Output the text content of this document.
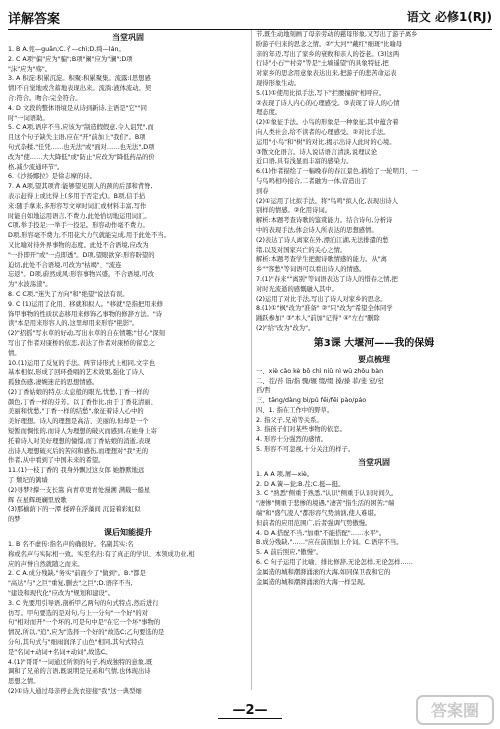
详解答案	语文 必修1(RJ)
当堂巩固
1. B A.莞—guān;C.彳—chì;D.绮—lán。
2. C A项"偏"应为"骗";B项"阑"应为"澜";D项
"沫"应为"殇"。
3. A 积淀:积累沉淀。积聚:积累聚集。流露:(思想感
情)不自觉地或含蓄地表现出来。流淌:液体流动。契
合:符合。吻合:完全符合。
4. D 文段的整体语境是从诗到新诗,主语是"它""同
时"一词语助。
5. C A项,语序不当,应该为"制造假假意,令人诅咒",而
且这个句子缺失主语,应在"开"前加上"我们"。B项
句式杂糅,"任凭……也无法"或"面对……也无法",D项
改为"使……大大降低"或"防止"应改为"降低药品的价
格,减少流通环节"。
6.《沙扬娜拉》是徐志摩的诗。
7. A A项,望其项背:能够望见别人的颈的后部和背脊,
表示赶得上或比得上(多用于否定式)。B项,信手拈
来:随手拿来,多形容写文章时词汇或材料丰富,写作
时能自如地运用语言,不费力,此处恰切地运用词汇。
C项,举手投足:一举手一投足。形容动作毫不费力。
D项,形容毫不费力,不用花大力气就能完成,用于此处不当。
又比喻对待外界事物的态度。此处不合语境,应改为
"一扑即开"或"一点即透"。D项,望眼欲穿:形容盼望的
迫切,此处不合语境,可改为"枯竭"、"流连
忘返"。D项,蔚然成风:形容事物兴盛。不合语境,可改
为"水波荡漾"。
8. C C项,"迷失了方向"和"绝望"说法有误。
9. C (1)运用了化用、移就和拟人。"移就"是指把用来修
饰甲事物的性质状态移用来修饰乙事物的修辞方法。"诗
读"本是用来形容人的,这里却用来形容"艳影"。
(2)"招摇"写水草的好动,写出水草的自在情趣;"甘心"深刻
写出了作者对康桥的依恋,表达了作者对康桥的留恋之
情。
10.(1)运用了反复的手法。两节诗形式上相同,文字也
基本相似,形成了回环叠唱的艺术效果,强化了诗人
孤独伤感,凄婉迷茫的思想情感。
(2)丁香姑娘的特点:太息般的眼光,忧愁,丁香一样的
颜色,丁香一样的芬芳。以丁香作比,由于丁香花清丽、
美丽和忧愁,"丁香一样的结愁",象征着诗人心中的
美好理想。诗人的理想是高洁、美丽的,但却是一个
短暂而惆怅的,而诗人为理想的破灭而感到,在她身上寄
托着诗人对美好理想的憧憬,而丁香姑娘的消逝,表现
出诗人理想破灭后的苦闷和感伤,而理想对"我"无的
作者,从中看到了中国未来的希望。
11.(1)一枝丁香的 我身外飘过这女郎 她静默地远
了 颓圮的篱墙
(2)寻梦?撑一支长篙 向青草更青处漫溯 满载一船星
辉 在星辉斑斓里放歌
(3)那榆荫下的一潭 揉碎在浮藻间 沉淀着彩虹似
的梦
课后知能提升
1. B 名不虚传:指名声的确很好。名副其实:名
称或名声与实际相一致。实至名归:有了真正的学识、本领成功业,相
应的声誉自然就随之而来。
2. C A.成分残缺,"务实"前面少了"做到"。B."都是
"高达"与"之巨"重复,删去"之巨";D.语序不当,
"建设和现代化"应改为"规划和建设"。
3. C 先要用引导语,剖析甲乙两句的句式特点,然后进行
仿写。甲句要选的是对句,与上一分句"一个好"的对
句"相对而开"一个坏的,可是句中是"在它一个坏"事物的
情况,所以,"追",应为"选择一个好的"故选C;乙句要选的是
分句,其句式与"细雨润泽了山色"相同,其句式特点
是"名词+动词+名词+动词",故选C。
4.(1)"哥哥"一词通过所领的句子,构成独特的意象,既
调和了兄弟的言语,既说明是兄弟和气情,也体现出诗
思想之情。
(2)①诗人通过母亲停止洗衣迎接"我"这一典型细
节,既生动地刻画了母亲劳动的慈母形象,又写出了游子离乡
盼游子归来的思念之情。②"大河""戴红"细斑"比喻母
亲的年迈,写出了家乡的衰败和亲人的苍老。(3)这两
行诗"小石""村旁"等是"土墙遥望"的具象特征,把
对家乡的思念用意象表达出来,把游子的悲苦命运表
现得形象生动。
5.(1)①使用比拟手法,写下"拦腰撞倒"相呼应。
②表现了诗人内心的心理感受。③表现了诗人的心情
理态度。
(2)①象征手法。小鸟的形象是一种象征,其中蕴含着
向人类社会,给不读者的心理感受。②对比手法。
运用"小鸟"和"树"的对比,揭示出诗人此时的心境。
③散文化语言。诗人说话语言清淡,说理议论
近口语,具有浅显而丰富的感染力。
6.(1)作者描绘了一幅晚春的春江景色,描绘了一轮明月、一
与鸟鸣相吟接合,二者融为一体,营造出了
到春
(2)①运用了比拟手法。将"鸟鸣"拟人化,表现出诗人
别样的情感。②化用诗词。
解析:本题考查诗歌的鉴赏能力。结合诗句,分析诗
中的表现手法,体会诗人所表达的思想感情。
(2)表达了诗人离家在外,漂泊江湖,无法排遣的愁
绪,以及对国家兴亡的关心之情。
解析:本题考查学生把握诗歌情感的能力。从"离
乡""客愁"等词语可以看出诗人的情感。
7.(1)"春来""离别"等词语表达了诗人的惜春之情,把
对时光流逝的感慨融入其中。
(2)运用了对比手法,写出了诗人对家乡的思念。
8.(1)①"枫"改为"准备" ②"只"改为"希望全体同学
踊跃参加" ③"本人"前加"记得" ④"左右"删除
(2)"给"改为"改为"。
第3课 大堰河——我的保姆
要点梳理
一、xiè cǎo kè bō chì niǔ nì wū zhōu bàn
二、茬/苔 诣/指 骤/辗 缀/缀 搡/搡 菲/斐 窒/窒
舀/哲
三、tāng/dàng bì/pǔ fěi/fěi pào/páo
四、1. 指在工作中的野草。
2. 指父子,兄弟等关系。
3. 指孩子们对某些事物的依恋。
4. 形容十分强烈的感情。
5. 形容不可忽视,十分关注的样子。
当堂巩固
1. A A 项,屑—xiè。
2. D A.簧—瓮;B.茬;C.挺—挺。
3. C "熟悉"侧重于熟悉,"认识"侧重于认识时间久。
"凄惨"侧重于悲惨的境遇,"凄苦"指生活的困苦;"端
端"和"盛气凌人"都形容气势汹汹,使人难堪。
但前者的应用范围广,后者强调气势傲慢。
4. D A.搭配不当,"加重"不能搭配"……水平"。
B.成分残缺,"……"应在前面加上介词。C.语序不当。
5. A 前后照应,"傲慢"。
6. C 句子运用了比喻、排比修辞,无论怎样,无论怎样……
金属造的城和潮湃涌滚的大海,如同保卫我和它的
金属造的城和潮湃涌滚的大海一样呈现。
—2—	答案圈
